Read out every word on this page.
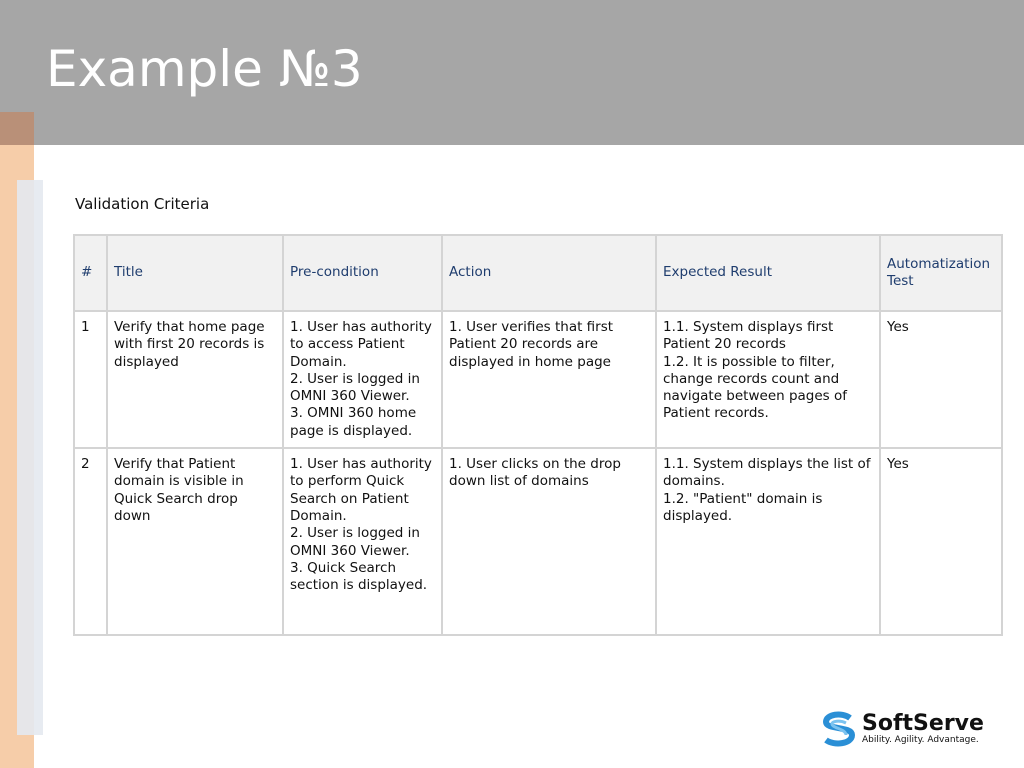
Example №3
Validation Criteria
#	Title	Pre-condition	Action	Expected Result	Automatization Test
1	Verify that home page with first 20 records is displayed	1. User has authority to access Patient Domain.
2. User is logged in OMNI 360 Viewer.
3. OMNI 360 home page is displayed.	1. User verifies that first Patient 20 records are displayed in home page	1.1. System displays first Patient 20 records
1.2. It is possible to filter, change records count and navigate between pages of Patient records.	Yes
2	Verify that Patient domain is visible in Quick Search drop down	1. User has authority to perform Quick Search on Patient Domain.
2. User is logged in OMNI 360 Viewer.
3. Quick Search section is displayed.	1. User clicks on the drop down list of domains	1.1. System displays the list of domains.
1.2. "Patient" domain is displayed.	Yes
SoftServe
Ability. Agility. Advantage.
